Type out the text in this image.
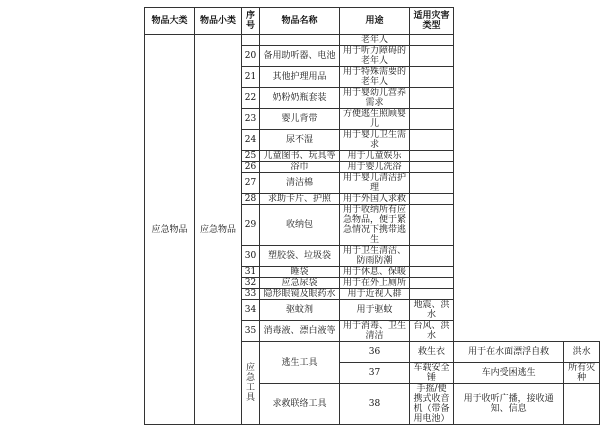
物品大类	物品小类	序号	物品名称	用途	适用灾害类型		
应急物品	应急物品			老年人			
		20	备用助听器、电池	用于听力障碍的老年人			
		21	其他护理用品	用于特殊需要的老年人			
		22	奶粉奶瓶套装	用于婴幼儿营养需求			
		23	婴儿背带	方便逃生照顾婴儿			
		24	尿不湿	用于婴儿卫生需求			
		25	儿童图书、玩具等	用于儿童娱乐			
		26	浴巾	用于婴儿洗浴			
		27	清洁棉	用于婴儿清洁护理			
		28	求助卡片、护照	用于外国人求救			
		29	收纳包	用于收纳所有应急物品，便于紧急情况下携带逃生			
		30	塑胶袋、垃圾袋	用于卫生清洁、防雨防潮			
		31	睡袋	用于休息、保暖			
		32	应急尿袋	用于在外上厕所			
		33	隐形眼镜及眼药水	用于近视人群			
		34	驱蚊剂	用于驱蚊	地震、洪水		
		35	消毒液、漂白液等	用于消毒、卫生清洁	台风、洪水		
		应急工具	逃生工具	36	救生衣	用于在水面漂浮自救	洪水
				37	车载安全锤	车内受困逃生	所有灾种
			求救联络工具	38	手摇/便携式收音机（带备用电池）	用于收听广播，接收通知、信息	
